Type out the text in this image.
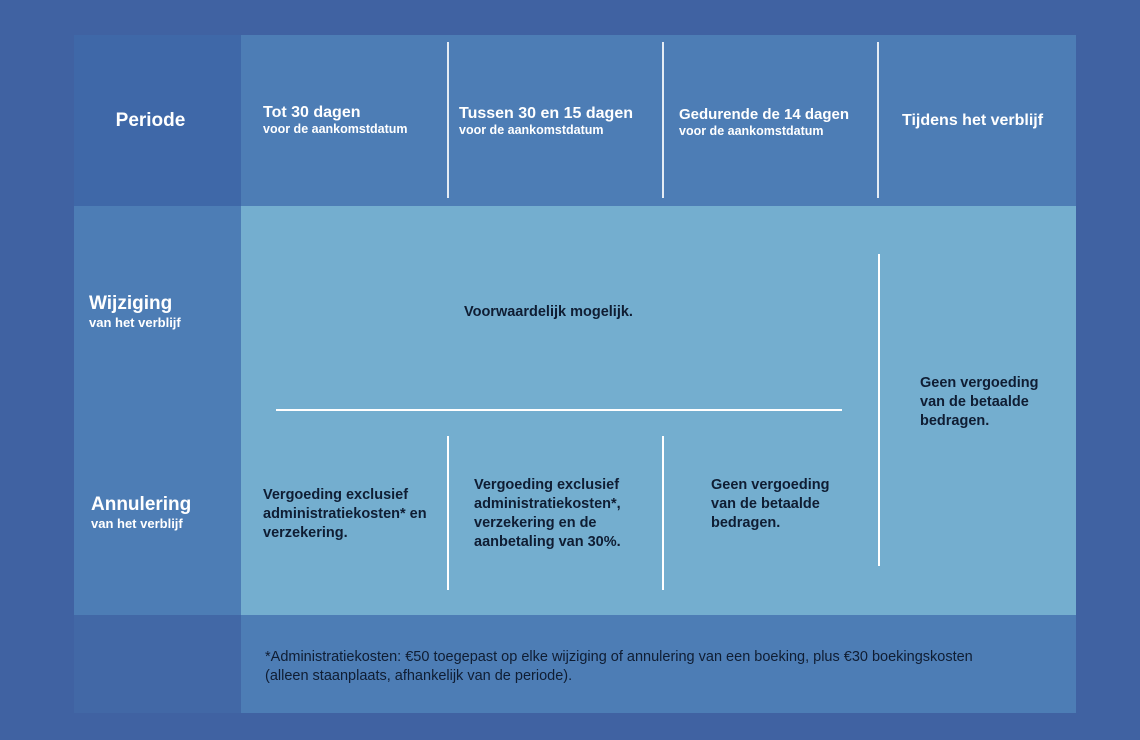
Periode	Tot 30 dagen
voor de aankomstdatum
Tussen 30 en 15 dagen
voor de aankomstdatum
Gedurende de 14 dagen
voor de aankomstdatum
Tijdens het verblijf
Wijziging
van het verblijf
Annulering
van het verblijf
Voorwaardelijk mogelijk.
Vergoeding exclusief administratiekosten* en verzekering.
Vergoeding exclusief administratiekosten*, verzekering en de aanbetaling van 30%.
Geen vergoeding van de betaalde bedragen.
Geen vergoeding van de betaalde bedragen.
*Administratiekosten: €50 toegepast op elke wijziging of annulering van een boeking, plus €30 boekingskosten (alleen staanplaats, afhankelijk van de periode).
